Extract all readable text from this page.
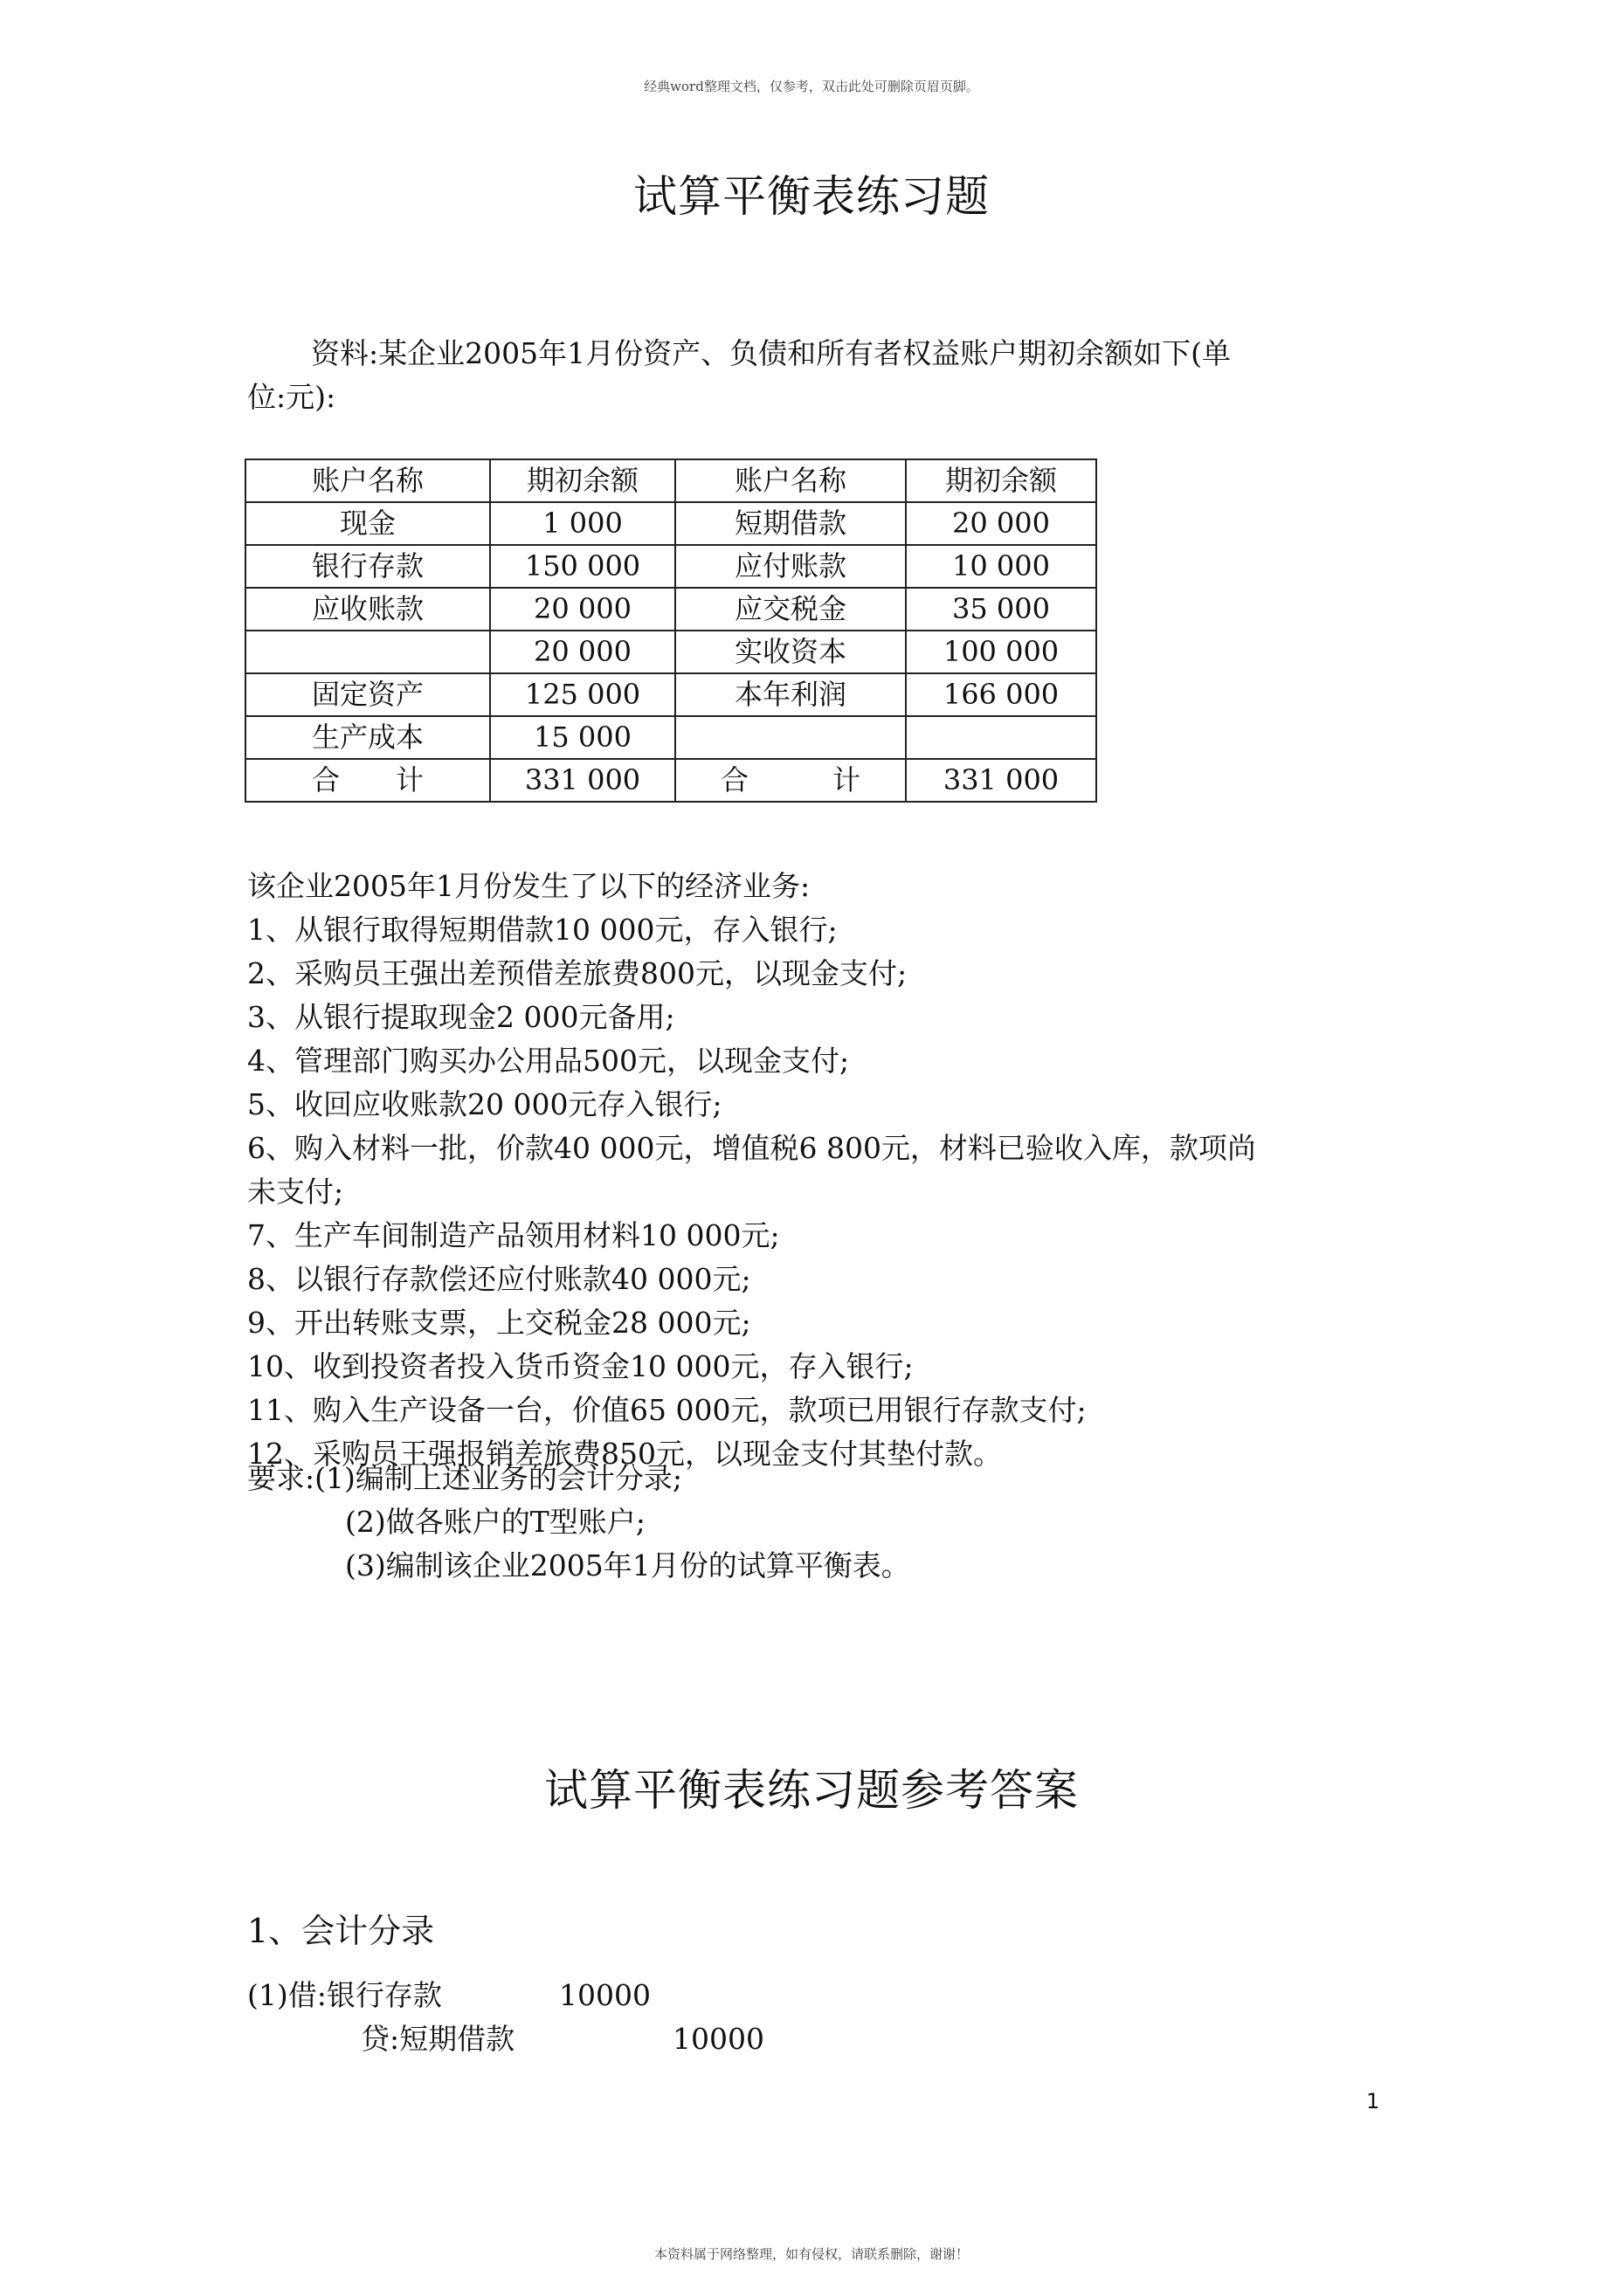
经典word整理文档，仅参考，双击此处可删除页眉页脚。
试算平衡表练习题
资料:某企业2005年1月份资产、负债和所有者权益账户期初余额如下(单
位:元):
账户名称	期初余额	账户名称	期初余额
现金	1 000	短期借款	20 000
银行存款	150 000	应付账款	10 000
应收账款	20 000	应交税金	35 000
	20 000	实收资本	100 000
固定资产	125 000	本年利润	166 000
生产成本	15 000		
合　　计	331 000	合　　　计	331 000
该企业2005年1月份发生了以下的经济业务:
1、从银行取得短期借款10 000元，存入银行;
2、采购员王强出差预借差旅费800元，以现金支付;
3、从银行提取现金2 000元备用;
4、管理部门购买办公用品500元，以现金支付;
5、收回应收账款20 000元存入银行;
6、购入材料一批，价款40 000元，增值税6 800元，材料已验收入库，款项尚
未支付;
7、生产车间制造产品领用材料10 000元;
8、以银行存款偿还应付账款40 000元;
9、开出转账支票，上交税金28 000元;
10、收到投资者投入货币资金10 000元，存入银行;
11、购入生产设备一台，价值65 000元，款项已用银行存款支付;
12、采购员王强报销差旅费850元，以现金支付其垫付款。
要求:(1)编制上述业务的会计分录;
(2)做各账户的T型账户;
(3)编制该企业2005年1月份的试算平衡表。
试算平衡表练习题参考答案
1、会计分录
(1)借:银行存款	10000
贷:短期借款	10000
1
本资料属于网络整理，如有侵权，请联系删除，谢谢！
